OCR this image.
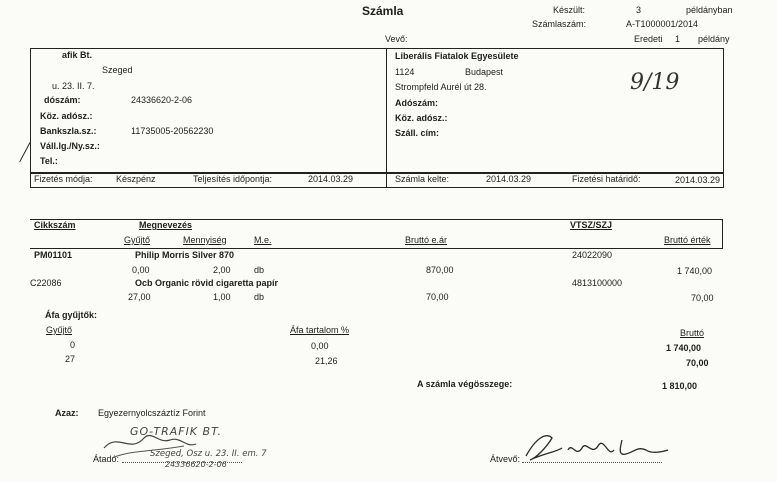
Számla	Készült:	3	példányban
Számlaszám:	A-T1000001/2014
Eredeti 1 példány
Vevő:
afik Bt.
Szeged
u. 23. II. 7.
dószám:	24336620-2-06
Köz. adósz.:
Bankszla.sz.:	11735005-20562230
Váll.lg./Ny.sz.:
Tel.:
Liberális Fiatalok Egyesülete
1124	Budapest
Strompfeld Aurél út 28.
Adószám:
Köz. adósz.:
Száll. cím:
9/19
Fizetés módja:	Készpénz	Teljesítés időpontja:	2014.03.29	Számla kelte:	2014.03.29	Fizetési határidő:	2014.03.29
Cikkszám	Megnevezés	VTSZ/SZJ
Gyűjtő	Mennyiség	M.e.	Bruttó e.ár	Bruttó érték
PM01101	Philip Morris Silver 870	24022090
0,00	2,00	db	870,00	1 740,00
C22086	Ocb Organic rövid cigaretta papír	4813100000
27,00	1,00	db	70,00	70,00
Áfa gyűjtők:
Gyűjtő	Áfa tartalom %	Bruttó
0	0,00	1 740,00
27	21,26	70,00
A számla végösszege:	1 810,00
Azaz: Egyezernyolcszáztíz Forint
Átadó:
GO-TRAFIK BT.
Szeged, Osz u. 23. II. em. 7
24336620-2-06
Átvevő:
